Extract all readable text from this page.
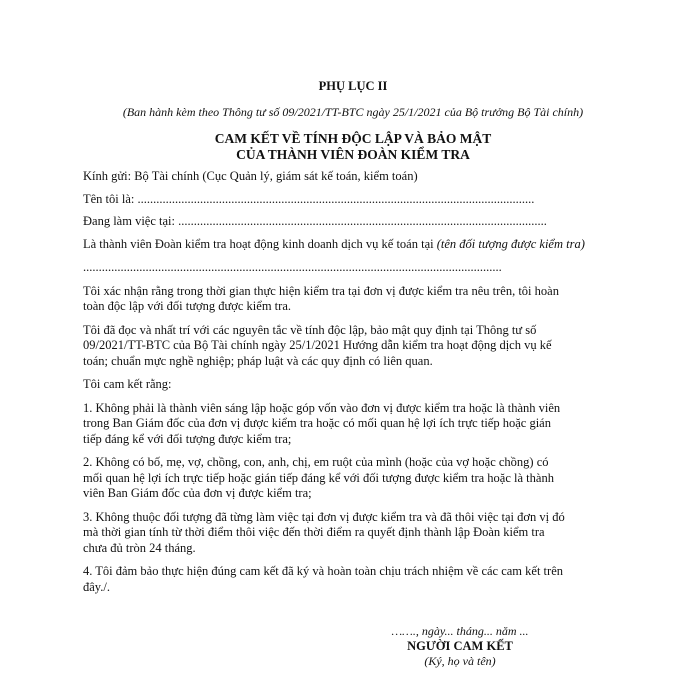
PHỤ LỤC II

(Ban hành kèm theo Thông tư số 09/2021/TT-BTC ngày 25/1/2021 của Bộ trưởng Bộ Tài chính)

CAM KẾT VỀ TÍNH ĐỘC LẬP VÀ BẢO MẬT

CỦA THÀNH VIÊN ĐOÀN KIỂM TRA

Kính gửi: Bộ Tài chính (Cục Quản lý, giám sát kế toán, kiểm toán)

Tên tôi là: ...............................................................................................................................

Đang làm việc tại: ......................................................................................................................

Là thành viên Đoàn kiểm tra hoạt động kinh doanh dịch vụ kế toán tại (tên đối tượng được kiểm tra)

......................................................................................................................................

Tôi xác nhận rằng trong thời gian thực hiện kiểm tra tại đơn vị được kiểm tra nêu trên, tôi hoàn

toàn độc lập với đối tượng được kiểm tra.

Tôi đã đọc và nhất trí với các nguyên tắc về tính độc lập, bảo mật quy định tại Thông tư số

09/2021/TT-BTC của Bộ Tài chính ngày 25/1/2021 Hướng dẫn kiểm tra hoạt động dịch vụ kế

toán; chuẩn mực nghề nghiệp; pháp luật và các quy định có liên quan.

Tôi cam kết rằng:

1. Không phải là thành viên sáng lập hoặc góp vốn vào đơn vị được kiểm tra hoặc là thành viên

trong Ban Giám đốc của đơn vị được kiểm tra hoặc có mối quan hệ lợi ích trực tiếp hoặc gián

tiếp đáng kể với đối tượng được kiểm tra;

2. Không có bố, mẹ, vợ, chồng, con, anh, chị, em ruột của mình (hoặc của vợ hoặc chồng) có

mối quan hệ lợi ích trực tiếp hoặc gián tiếp đáng kể với đối tượng được kiểm tra hoặc là thành

viên Ban Giám đốc của đơn vị được kiểm tra;

3. Không thuộc đối tượng đã từng làm việc tại đơn vị được kiểm tra và đã thôi việc tại đơn vị đó

mà thời gian tính từ thời điểm thôi việc đến thời điểm ra quyết định thành lập Đoàn kiểm tra

chưa đủ tròn 24 tháng.

4. Tôi đảm bảo thực hiện đúng cam kết đã ký và hoàn toàn chịu trách nhiệm về các cam kết trên

đây./.

……., ngày... tháng... năm ...
NGƯỜI CAM KẾT
(Ký, họ và tên)
